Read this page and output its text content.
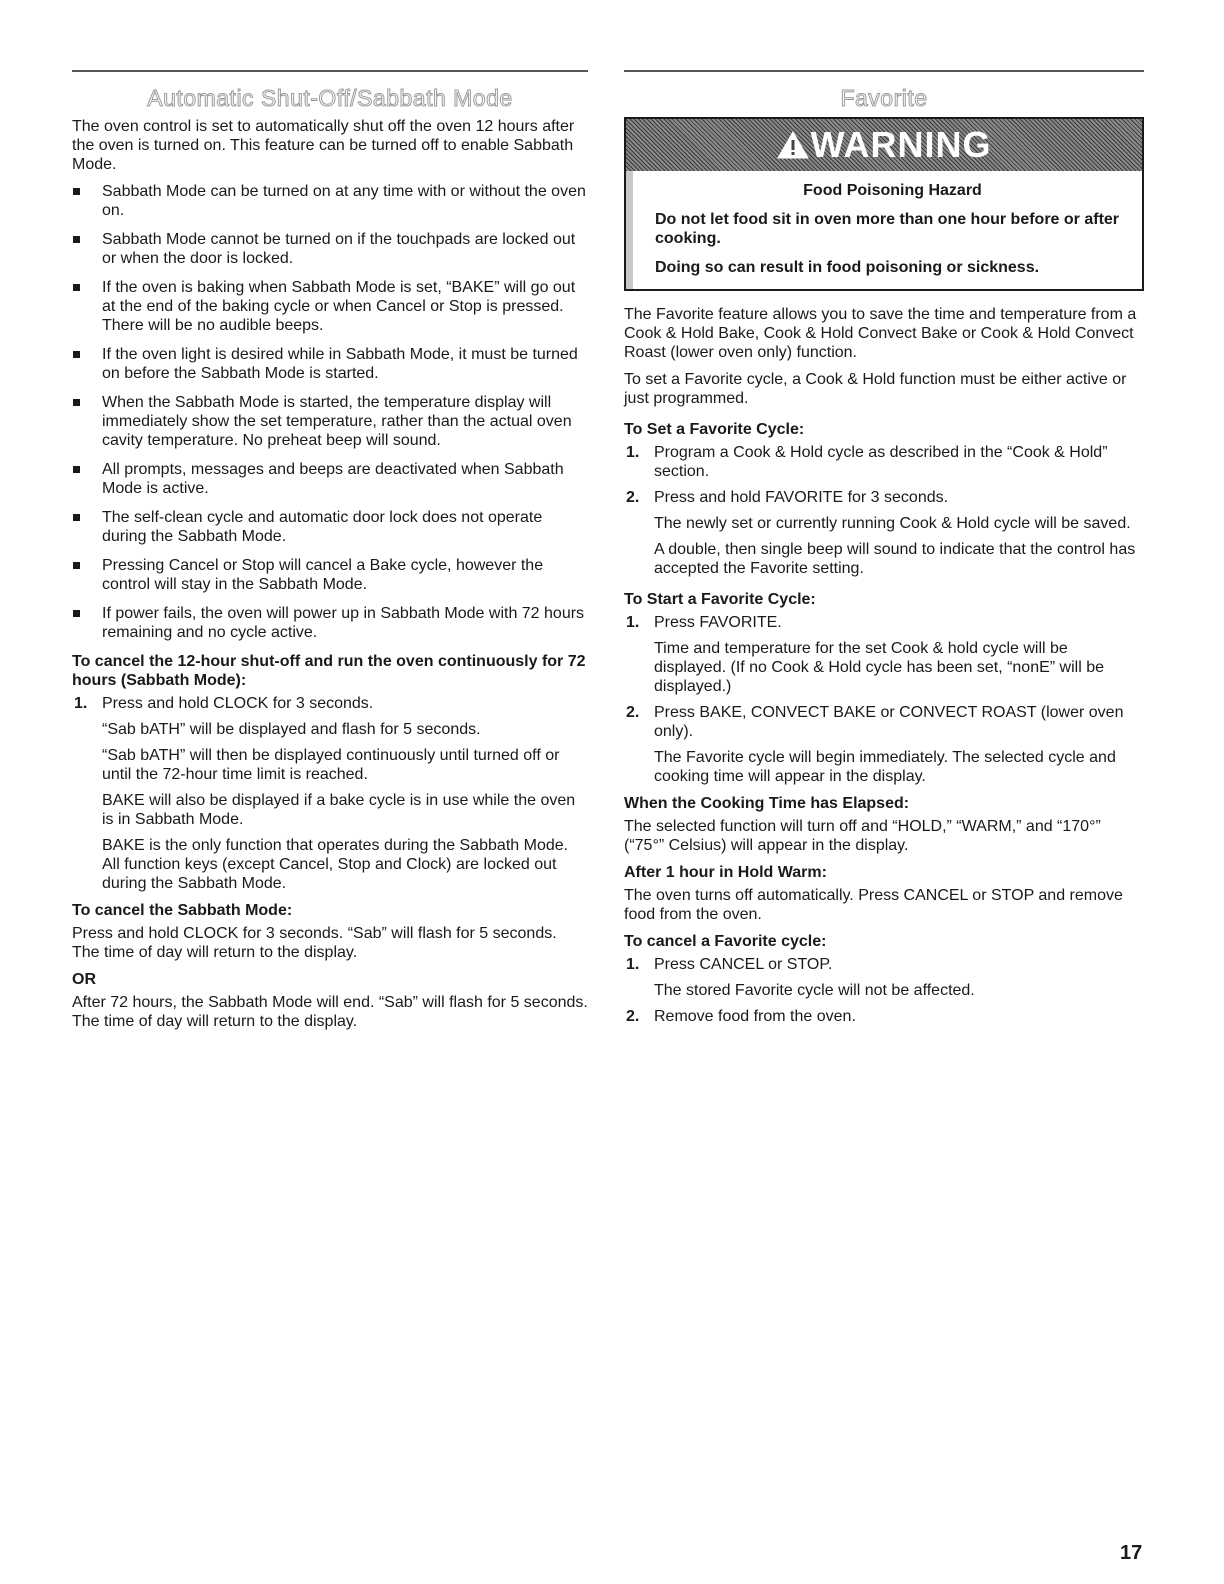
Automatic Shut-Off/Sabbath Mode

The oven control is set to automatically shut off the oven 12 hours after the oven is turned on. This feature can be turned off to enable Sabbath Mode.

Sabbath Mode can be turned on at any time with or without the oven on.
Sabbath Mode cannot be turned on if the touchpads are locked out or when the door is locked.
If the oven is baking when Sabbath Mode is set, “BAKE” will go out at the end of the baking cycle or when Cancel or Stop is pressed. There will be no audible beeps.
If the oven light is desired while in Sabbath Mode, it must be turned on before the Sabbath Mode is started.
When the Sabbath Mode is started, the temperature display will immediately show the set temperature, rather than the actual oven cavity temperature. No preheat beep will sound.
All prompts, messages and beeps are deactivated when Sabbath Mode is active.
The self-clean cycle and automatic door lock does not operate during the Sabbath Mode.
Pressing Cancel or Stop will cancel a Bake cycle, however the control will stay in the Sabbath Mode.
If power fails, the oven will power up in Sabbath Mode with 72 hours remaining and no cycle active.
To cancel the 12-hour shut-off and run the oven continuously for 72 hours (Sabbath Mode):
1. Press and hold CLOCK for 3 seconds.
“Sab bATH” will be displayed and flash for 5 seconds.
“Sab bATH” will then be displayed continuously until turned off or until the 72-hour time limit is reached.
BAKE will also be displayed if a bake cycle is in use while the oven is in Sabbath Mode.
BAKE is the only function that operates during the Sabbath Mode. All function keys (except Cancel, Stop and Clock) are locked out during the Sabbath Mode.
To cancel the Sabbath Mode:

Press and hold CLOCK for 3 seconds. “Sab” will flash for 5 seconds. The time of day will return to the display.

OR

After 72 hours, the Sabbath Mode will end. “Sab” will flash for 5 seconds. The time of day will return to the display.

Favorite
WARNING

Food Poisoning Hazard

Do not let food sit in oven more than one hour before or after cooking.

Doing so can result in food poisoning or sickness.

The Favorite feature allows you to save the time and temperature from a Cook & Hold Bake, Cook & Hold Convect Bake or Cook & Hold Convect Roast (lower oven only) function.

To set a Favorite cycle, a Cook & Hold function must be either active or just programmed.

To Set a Favorite Cycle:
1. Program a Cook & Hold cycle as described in the “Cook & Hold” section.
2. Press and hold FAVORITE for 3 seconds.
The newly set or currently running Cook & Hold cycle will be saved.
A double, then single beep will sound to indicate that the control has accepted the Favorite setting.
To Start a Favorite Cycle:
1. Press FAVORITE.
Time and temperature for the set Cook & hold cycle will be displayed. (If no Cook & Hold cycle has been set, “nonE” will be displayed.)
2. Press BAKE, CONVECT BAKE or CONVECT ROAST (lower oven only).
The Favorite cycle will begin immediately. The selected cycle and cooking time will appear in the display.
When the Cooking Time has Elapsed:

The selected function will turn off and “HOLD,” “WARM,” and “170°” (“75°” Celsius) will appear in the display.

After 1 hour in Hold Warm:

The oven turns off automatically. Press CANCEL or STOP and remove food from the oven.

To cancel a Favorite cycle:
1. Press CANCEL or STOP.
The stored Favorite cycle will not be affected.
2. Remove food from the oven.
17
